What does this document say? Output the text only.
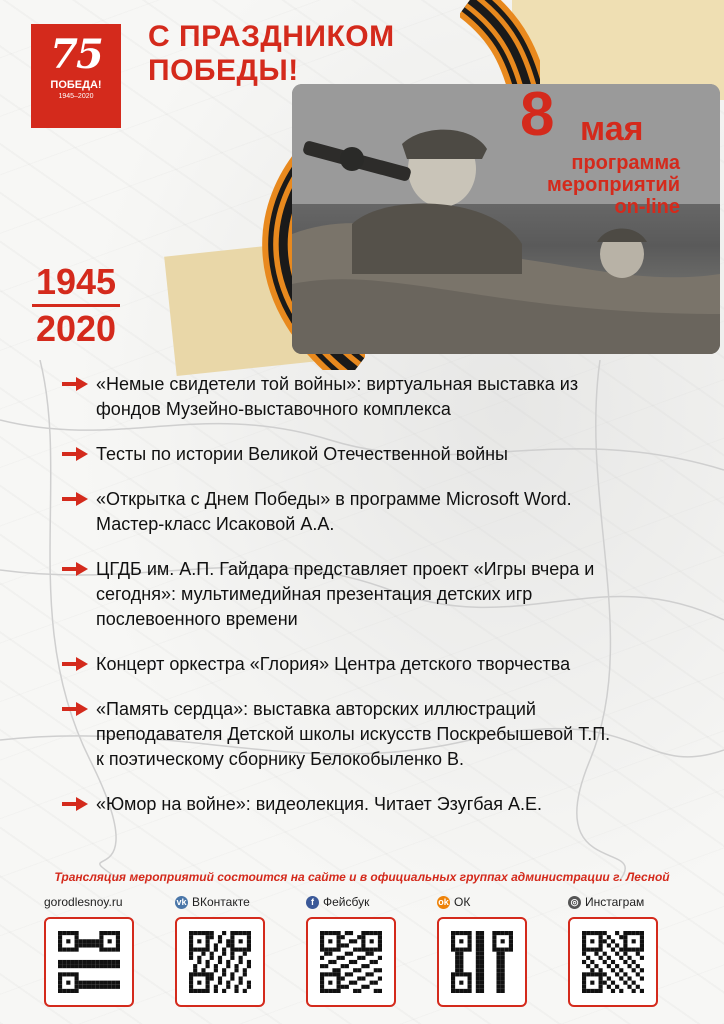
75
ПОБЕДА!
1945–2020
С ПРАЗДНИКОМ
ПОБЕДЫ!
8 мая
программа
мероприятий
on-line
1945
2020
«Немые свидетели той войны»: виртуальная выставка из
фондов Музейно-выставочного комплекса
Тесты по истории Великой Отечественной войны
«Открытка с Днем Победы» в программе Microsoft Word.
Мастер-класс Исаковой А.А.
ЦГДБ им. А.П. Гайдара представляет проект «Игры вчера и
сегодня»: мультимедийная презентация детских игр
послевоенного времени
Концерт оркестра «Глория» Центра детского творчества
«Память сердца»: выставка авторских иллюстраций
преподавателя Детской школы искусств Поскребышевой Т.П.
к поэтическому сборнику Белокобыленко В.
«Юмор на войне»: видеолекция. Читает Эзугбая А.Е.
Трансляция мероприятий состоится на сайте и в официальных группах администрации г. Лесной
gorodlesnoy.ru	vk ВКонтакте	f Фейсбук	ok ОК	◎ Инстаграм
